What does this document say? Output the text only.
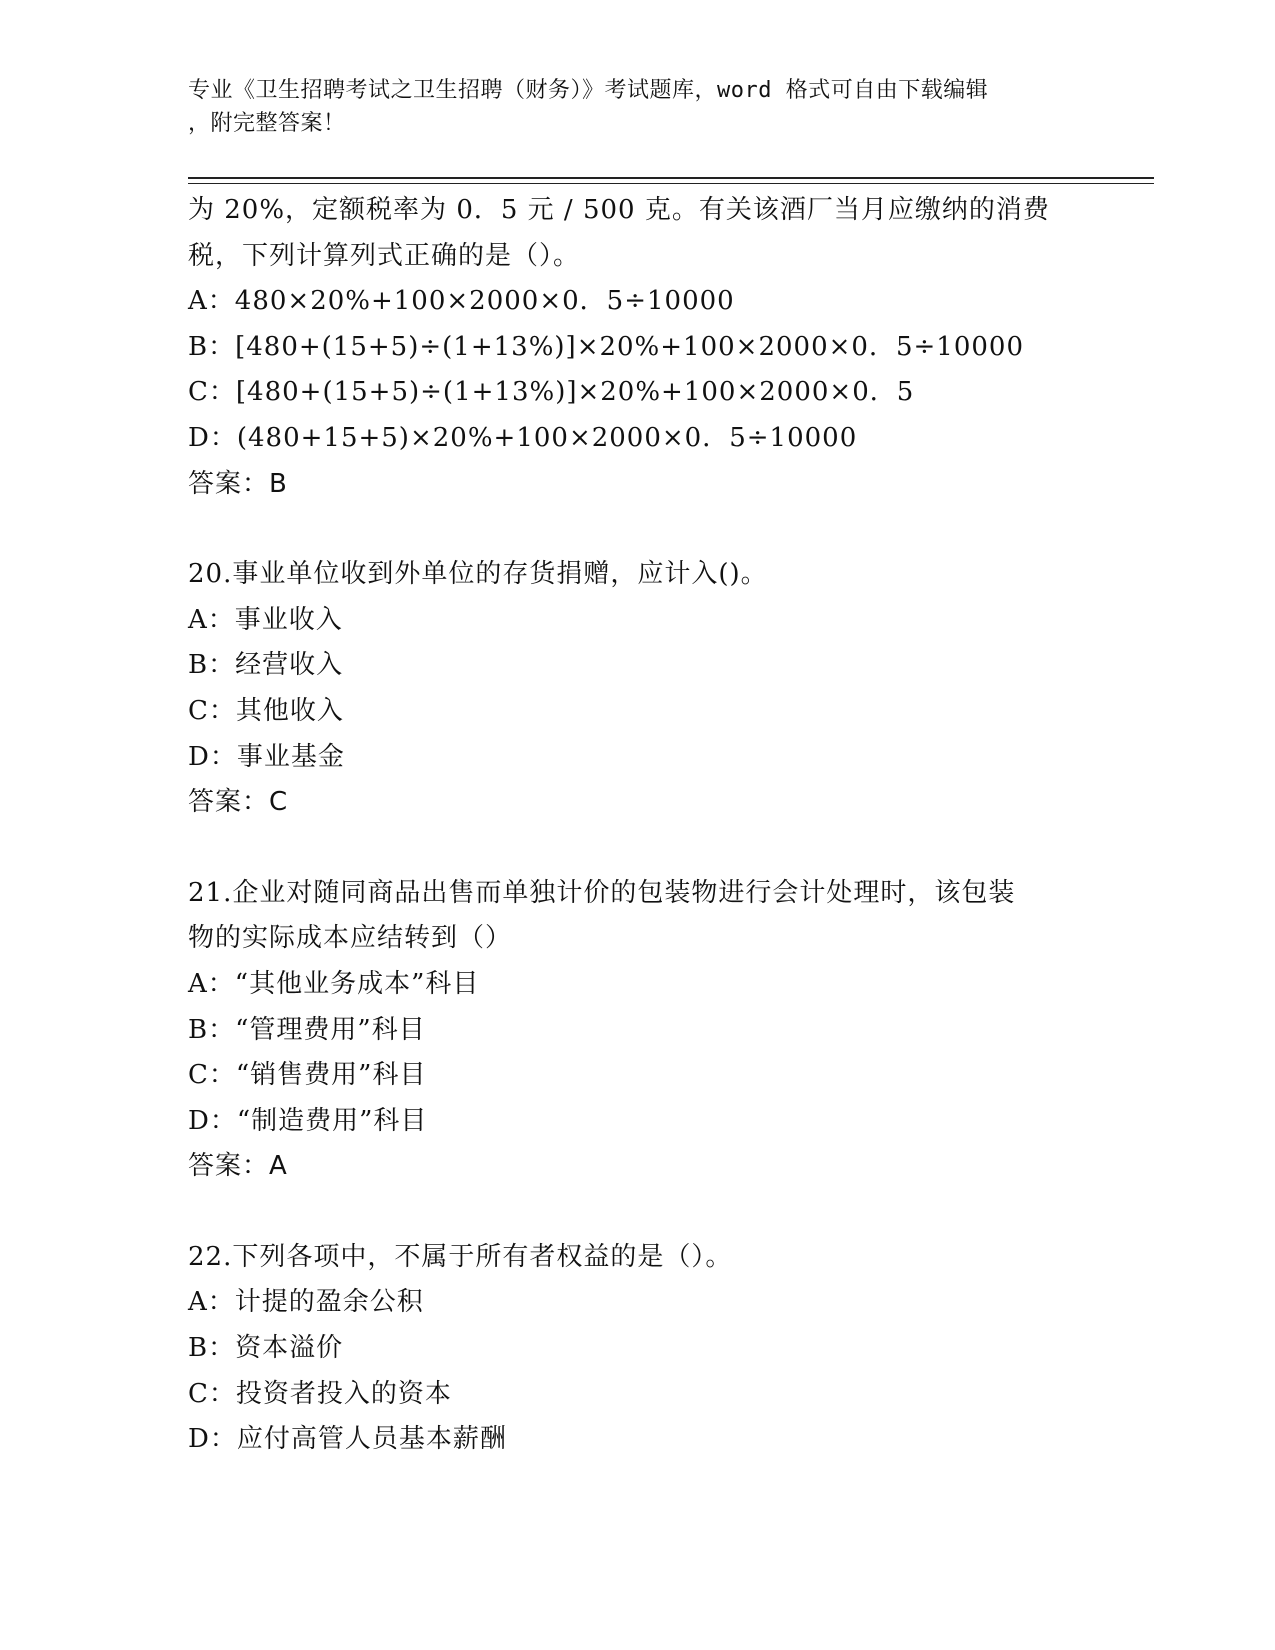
专业《卫生招聘考试之卫生招聘（财务）》考试题库，word 格式可自由下载编辑
，附完整答案！
为 20%，定额税率为 0．5 元 / 500 克。有关该酒厂当月应缴纳的消费
税，下列计算列式正确的是（）。
A：480×20%+100×2000×0．5÷10000
B：[480+(15+5)÷(1+13%)]×20%+100×2000×0．5÷10000
C：[480+(15+5)÷(1+13%)]×20%+100×2000×0．5
D：(480+15+5)×20%+100×2000×0．5÷10000
答案：B
20.事业单位收到外单位的存货捐赠，应计入()。
A：事业收入
B：经营收入
C：其他收入
D：事业基金
答案：C
21.企业对随同商品出售而单独计价的包装物进行会计处理时，该包装
物的实际成本应结转到（）
A：“其他业务成本”科目
B：“管理费用”科目
C：“销售费用”科目
D：“制造费用”科目
答案：A
22.下列各项中，不属于所有者权益的是（）。
A：计提的盈余公积
B：资本溢价
C：投资者投入的资本
D：应付高管人员基本薪酬
